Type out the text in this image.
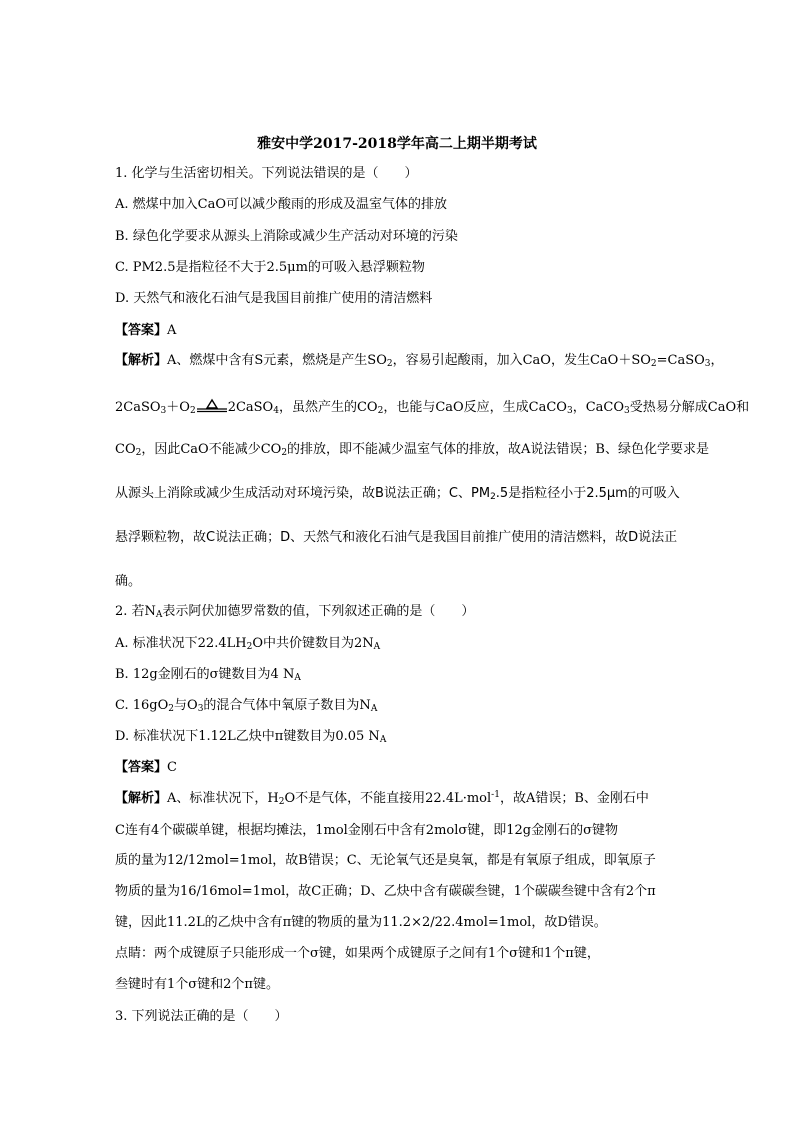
雅安中学2017-2018学年高二上期半期考试
1. 化学与生活密切相关。下列说法错误的是（　　）
A. 燃煤中加入CaO可以减少酸雨的形成及温室气体的排放
B. 绿色化学要求从源头上消除或减少生产活动对环境的污染
C. PM2.5是指粒径不大于2.5μm的可吸入悬浮颗粒物
D. 天然气和液化石油气是我国目前推广使用的清洁燃料
【答案】A
【解析】A、燃煤中含有S元素，燃烧是产生$SO_2$，容易引起酸雨，加入CaO，发生$CaO+SO_2=CaSO_3$，
$2CaSO_3+O_2$ 2CaSO$_4$，虽然产生的$CO_2$，也能与CaO反应，生成CaCO$_3$，CaCO$_3$受热易分解成CaO和
$CO_2$，因此CaO不能减少$CO_2$的排放，即不能减少温室气体的排放，故A说法错误；B、绿色化学要求是
从源头上消除或减少生成活动对环境污染，故B说法正确；C、$PM_2.5$是指粒径小于2.5μm的可吸入
悬浮颗粒物，故C说法正确；D、天然气和液化石油气是我国目前推广使用的清洁燃料，故D说法正
确。
2. 若$N_A$表示阿伏加德罗常数的值，下列叙述正确的是（　　）
A. 标准状况下$22.4LH_2O$中共价键数目为$2N_A$
B. 12g金刚石的σ键数目为4 $N_A$
C. $16gO_2$与$O_3$的混合气体中氧原子数目为$N_A$
D. 标准状况下1.12L乙炔中π键数目为0.05 $N_A$
【答案】C
【解析】A、标准状况下，$H_2O$不是气体，不能直接用22.4L·mol$^{-1}$，故A错误；B、金刚石中
C连有4个碳碳单键，根据均摊法，1mol金刚石中含有2molσ键，即12g金刚石的σ键物
质的量为12/12mol=1mol，故B错误；C、无论氧气还是臭氧，都是有氧原子组成，即氧原子
物质的量为16/16mol=1mol，故C正确；D、乙炔中含有碳碳叁键，1个碳碳叁键中含有2个π
键，因此11.2L的乙炔中含有π键的物质的量为11.2×2/22.4mol=1mol，故D错误。
点睛：两个成键原子只能形成一个σ键，如果两个成键原子之间有1个σ键和1个π键，
叁键时有1个σ键和2个π键。
3. 下列说法正确的是（　　）
